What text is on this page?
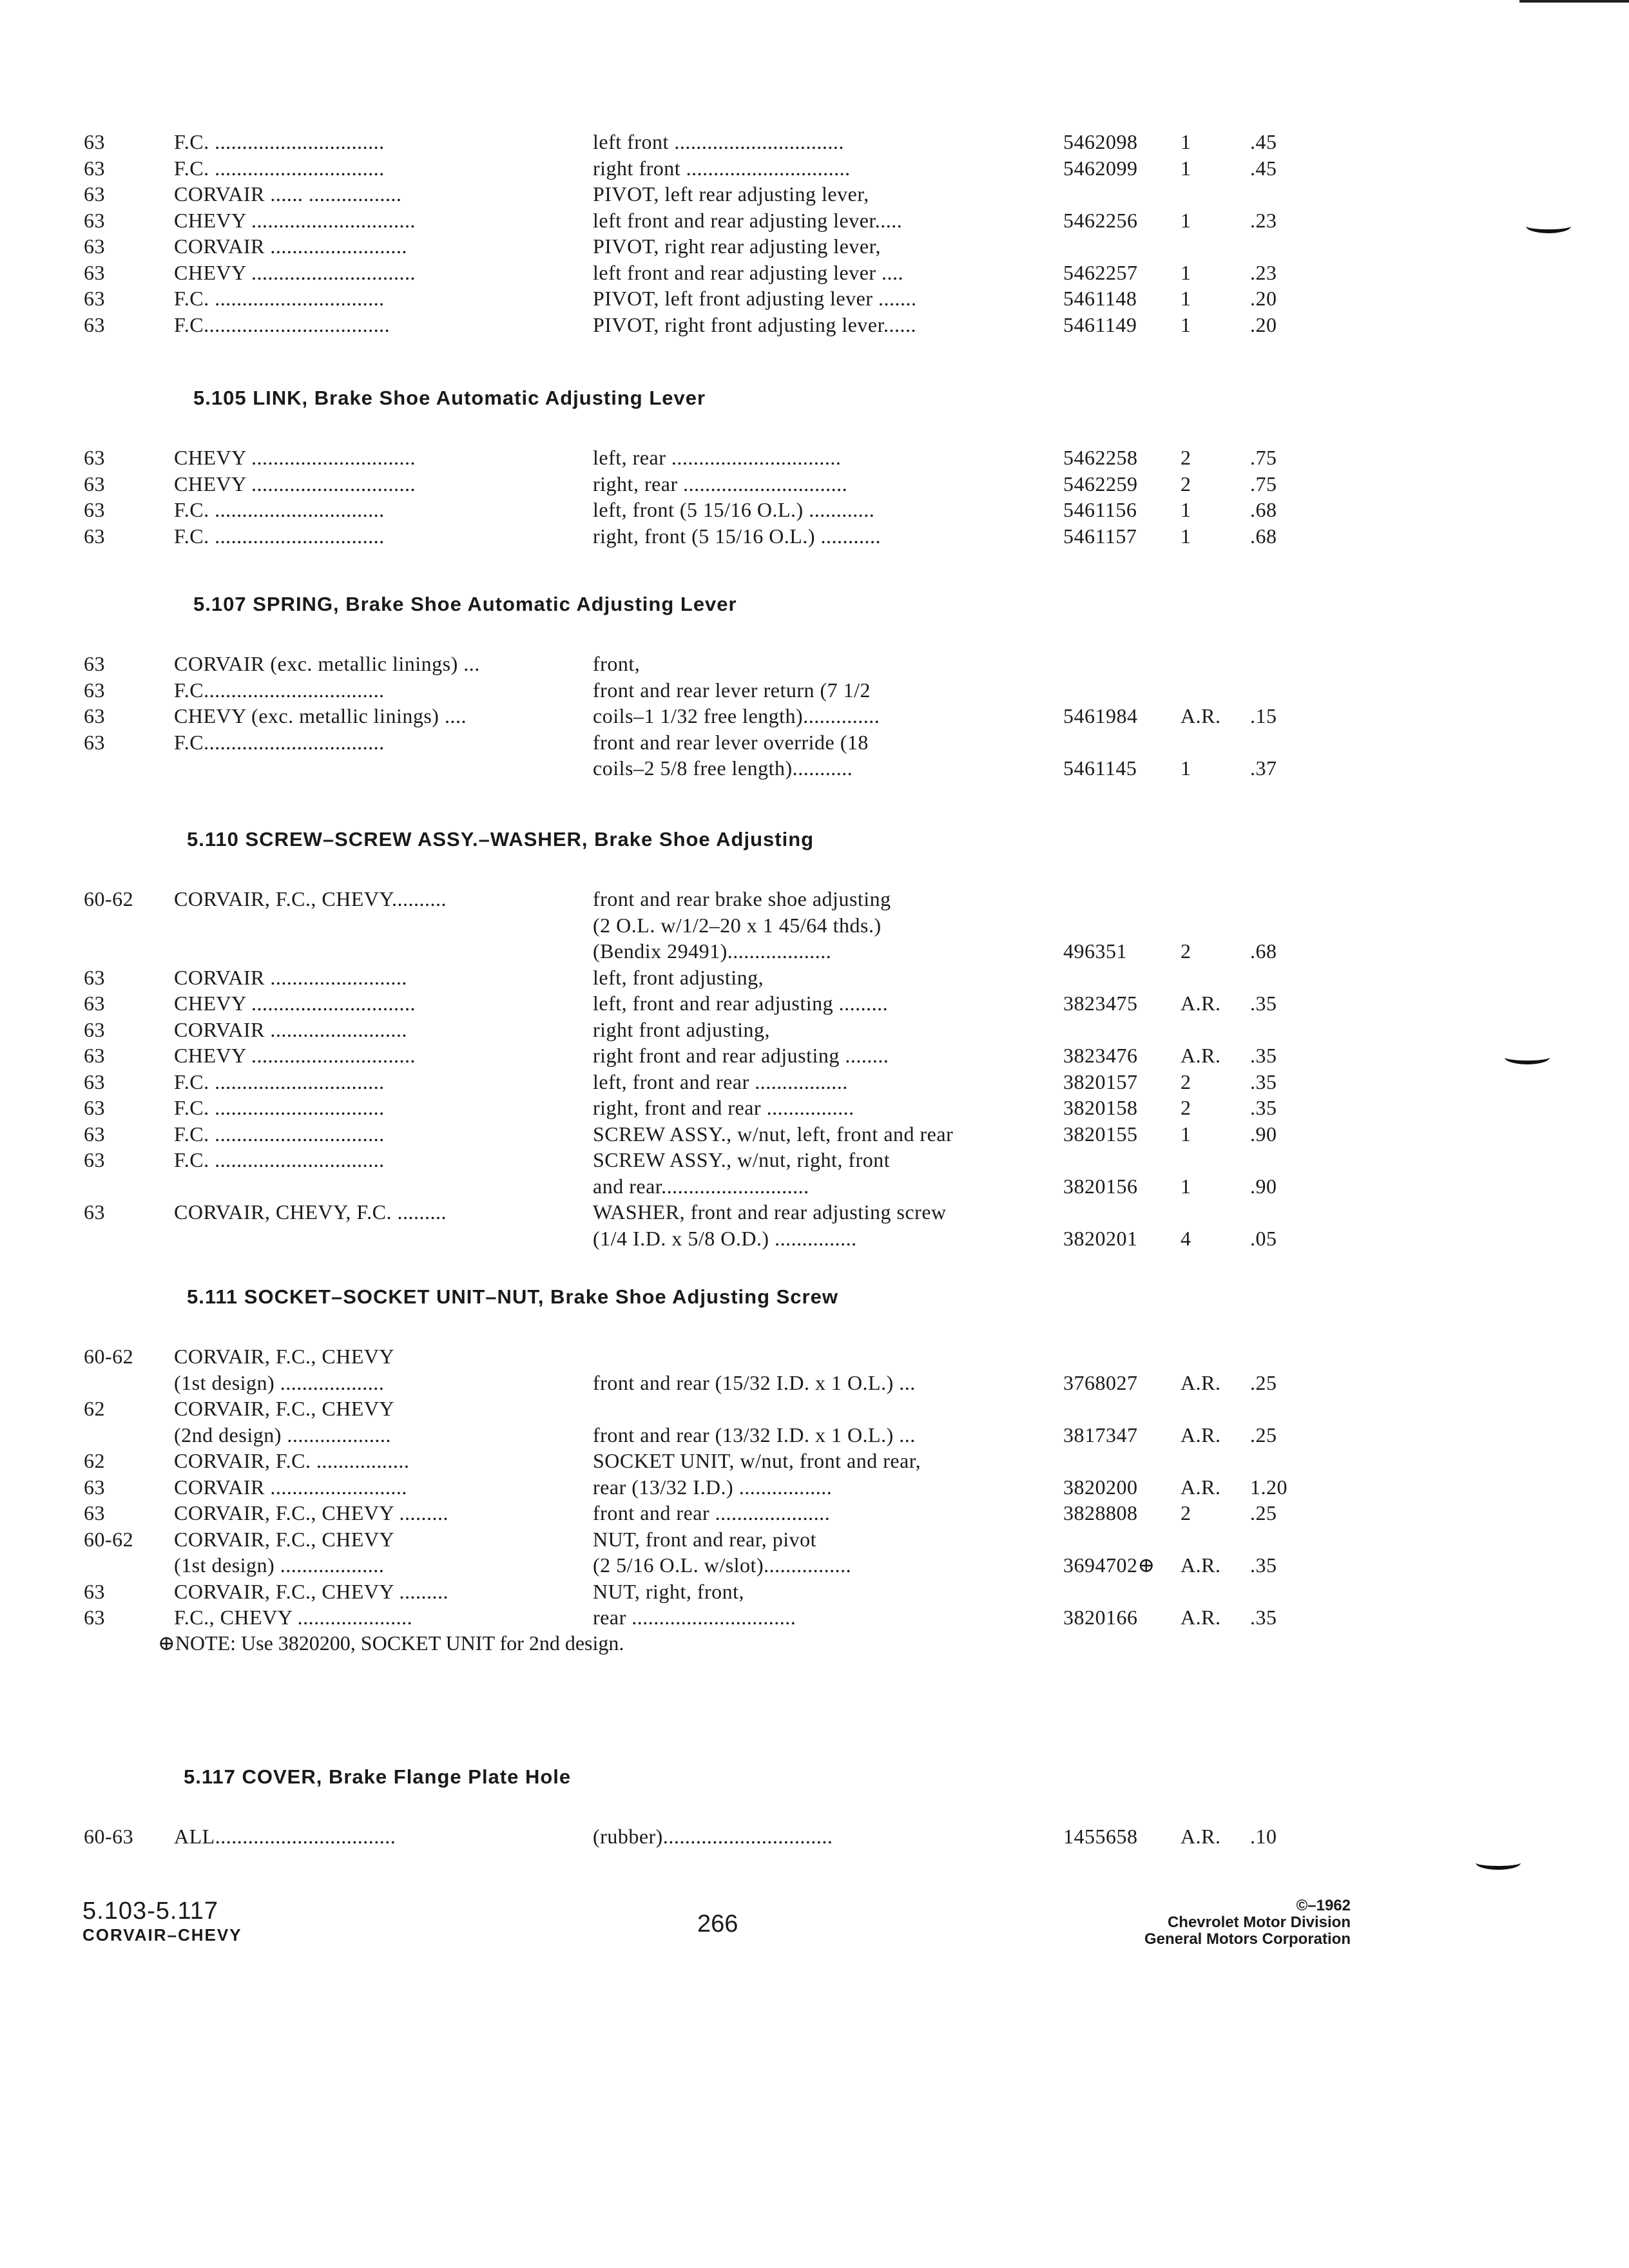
63	F.C. ...............................	left front ...............................	5462098 1	.45
63	F.C. ...............................	right front ..............................	5462099 1	.45
63	CORVAIR ...... .................	PIVOT, left rear adjusting lever,
63	CHEVY ..............................	left front and rear adjusting lever.....	5462256 1	.23
63	CORVAIR .........................	PIVOT, right rear adjusting lever,
63	CHEVY ..............................	left front and rear adjusting lever ....	5462257 1	.23
63	F.C. ...............................	PIVOT, left front adjusting lever .......	5461148 1	.20
63	F.C..................................	PIVOT, right front adjusting lever......	5461149 1	.20
5.105 LINK, Brake Shoe Automatic Adjusting Lever
63	CHEVY ..............................	left, rear ...............................	5462258 2	.75
63	CHEVY ..............................	right, rear ..............................	5462259 2	.75
63	F.C. ...............................	left, front (5 15/16 O.L.) ............	5461156 1	.68
63	F.C. ...............................	right, front (5 15/16 O.L.) ...........	5461157 1	.68
5.107 SPRING, Brake Shoe Automatic Adjusting Lever
63	CORVAIR (exc. metallic linings) ...	front,
63	F.C.................................	front and rear lever return (7 1/2
63	CHEVY (exc. metallic linings) ....	coils–1 1/32 free length)..............	5461984 A.R. .15
63	F.C.................................	front and rear lever override (18
coils–2 5/8 free length)...........	5461145 1	.37
5.110 SCREW–SCREW ASSY.–WASHER, Brake Shoe Adjusting
60-62 CORVAIR, F.C., CHEVY..........	front and rear brake shoe adjusting
(2 O.L. w/1/2–20 x 1 45/64 thds.)
(Bendix 29491)...................	496351	2	.68
63	CORVAIR .........................	left, front adjusting,
63	CHEVY ..............................	left, front and rear adjusting .........	3823475 A.R. .35
63	CORVAIR .........................	right front adjusting,
63	CHEVY ..............................	right front and rear adjusting ........	3823476 A.R. .35
63	F.C. ...............................	left, front and rear .................	3820157 2	.35
63	F.C. ...............................	right, front and rear ................	3820158 2	.35
63	F.C. ...............................	SCREW ASSY., w/nut, left, front and rear	3820155 1	.90
63	F.C. ...............................	SCREW ASSY., w/nut, right, front
and rear...........................	3820156 1	.90
63	CORVAIR, CHEVY, F.C. .........	WASHER, front and rear adjusting screw
(1/4 I.D. x 5/8 O.D.) ...............	3820201 4	.05
5.111 SOCKET–SOCKET UNIT–NUT, Brake Shoe Adjusting Screw
60-62 CORVAIR, F.C., CHEVY
(1st design) ...................	front and rear (15/32 I.D. x 1 O.L.) ...	3768027 A.R. .25
62	CORVAIR, F.C., CHEVY
(2nd design) ...................	front and rear (13/32 I.D. x 1 O.L.) ...	3817347 A.R. .25
62	CORVAIR, F.C. .................	SOCKET UNIT, w/nut, front and rear,
63	CORVAIR .........................	rear (13/32 I.D.) .................	3820200 A.R. 1.20
63	CORVAIR, F.C., CHEVY .........	front and rear .....................	3828808 2	.25
60-62 CORVAIR, F.C., CHEVY	NUT, front and rear, pivot
(1st design) ...................	(2 5/16 O.L. w/slot)................	3694702⊕ A.R. .35
63	CORVAIR, F.C., CHEVY .........	NUT, right, front,
63	F.C., CHEVY .....................	rear ..............................	3820166 A.R. .35
5.117 COVER, Brake Flange Plate Hole
60-63 ALL.................................	(rubber)...............................	1455658 A.R. .10
⊕NOTE: Use 3820200, SOCKET UNIT for 2nd design.
5.103-5.117
CORVAIR–CHEVY	266
©–1962
Chevrolet Motor Division
General Motors Corporation
